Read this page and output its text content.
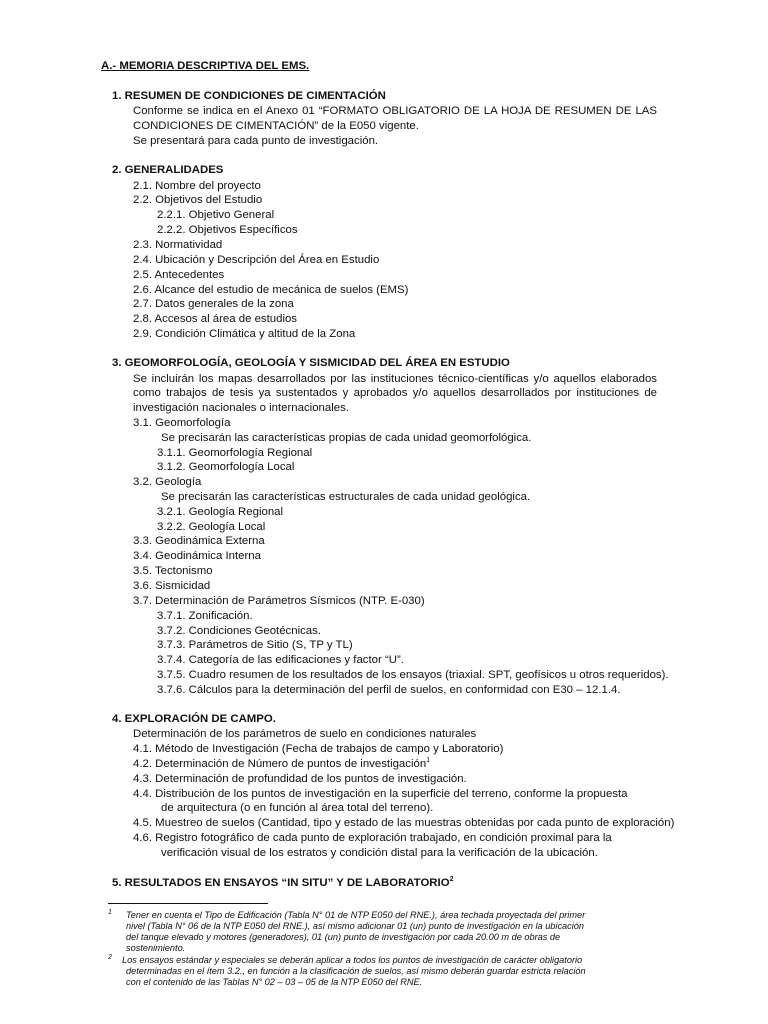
A.- MEMORIA DESCRIPTIVA DEL EMS.
1. RESUMEN DE CONDICIONES DE CIMENTACIÓN
Conforme se indica en el Anexo 01 “FORMATO OBLIGATORIO DE LA HOJA DE RESUMEN DE LAS
CONDICIONES DE CIMENTACIÓN” de la E050 vigente.
Se presentará para cada punto de investigación.
2. GENERALIDADES
2.1. Nombre del proyecto
2.2. Objetivos del Estudio
2.2.1. Objetivo General
2.2.2. Objetivos Específicos
2.3. Normatividad
2.4. Ubicación y Descripción del Área en Estudio
2.5. Antecedentes
2.6. Alcance del estudio de mecánica de suelos (EMS)
2.7. Datos generales de la zona
2.8. Accesos al área de estudios
2.9. Condición Climática y altitud de la Zona
3. GEOMORFOLOGÍA, GEOLOGÍA Y SISMICIDAD DEL ÁREA EN ESTUDIO
Se incluirán los mapas desarrollados por las instituciones técnico-científicas y/o aquellos elaborados
como trabajos de tesis ya sustentados y aprobados y/o aquellos desarrollados por instituciones de
investigación nacionales o internacionales.
3.1. Geomorfología
Se precisarán las características propias de cada unidad geomorfológica.
3.1.1. Geomorfología Regional
3.1.2. Geomorfología Local
3.2. Geología
Se precisarán las características estructurales de cada unidad geológica.
3.2.1. Geología Regional
3.2.2. Geología Local
3.3. Geodinámica Externa
3.4. Geodinámica Interna
3.5. Tectonismo
3.6. Sismicidad
3.7. Determinación de Parámetros Sísmicos (NTP. E-030)
3.7.1. Zonificación.
3.7.2. Condiciones Geotécnicas.
3.7.3. Parámetros de Sitio (S, TP y TL)
3.7.4. Categoría de las edificaciones y factor “U”.
3.7.5. Cuadro resumen de los resultados de los ensayos (triaxial. SPT, geofísicos u otros requeridos).
3.7.6. Cálculos para la determinación del perfil de suelos, en conformidad con E30 – 12.1.4.
4. EXPLORACIÓN DE CAMPO.
Determinación de los parámetros de suelo en condiciones naturales
4.1. Método de Investigación (Fecha de trabajos de campo y Laboratorio)
4.2. Determinación de Número de puntos de investigación$^1$
4.3. Determinación de profundidad de los puntos de investigación.
4.4. Distribución de los puntos de investigación en la superficie del terreno, conforme la propuesta
de arquitectura (o en función al área total del terreno).
4.5. Muestreo de suelos (Cantidad, tipo y estado de las muestras obtenidas por cada punto de exploración)
4.6. Registro fotográfico de cada punto de exploración trabajado, en condición proximal para la
verificación visual de los estratos y condición distal para la verificación de la ubicación.
5. RESULTADOS EN ENSAYOS “IN SITU” Y DE LABORATORIO$^2$
1 Tener en cuenta el Tipo de Edificación (Tabla N° 01 de NTP E050 del RNE.), área techada proyectada del primer
nivel (Tabla N° 06 de la NTP E050 del RNE.), así mismo adicionar 01 (un) punto de investigación en la ubicación
del tanque elevado y motores (generadores), 01 (un) punto de investigación por cada 20.00 m de obras de
sostenimiento.
2 Los ensayos estándar y especiales se deberán aplicar a todos los puntos de investigación de carácter obligatorio
determinadas en el ítem 3.2., en función a la clasificación de suelos, así mismo deberán guardar estricta relación
con el contenido de las Tablas N° 02 – 03 – 05 de la NTP E050 del RNE.
